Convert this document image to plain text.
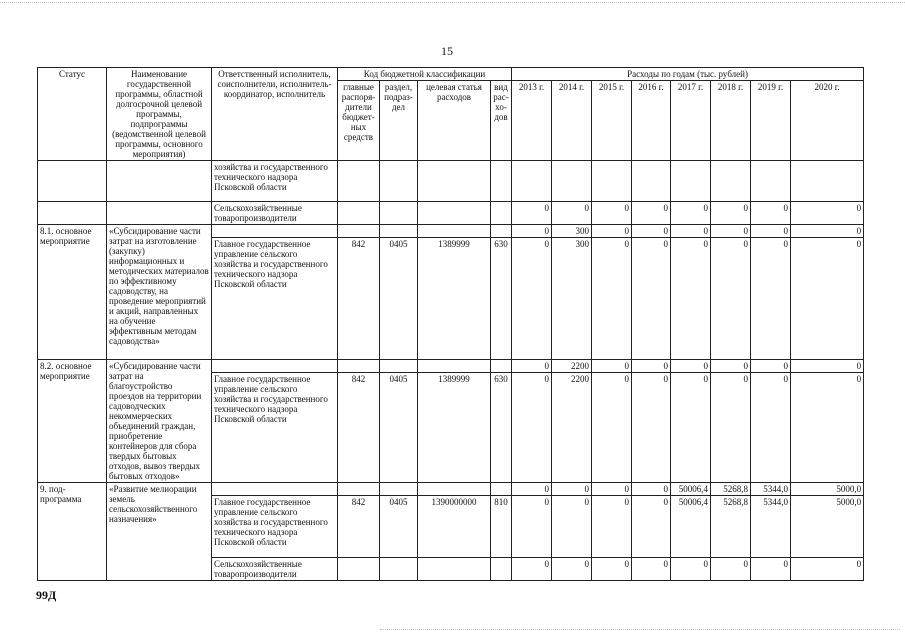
15
Статус	Наименование государственной программы, областной долгосрочной целевой программы, подпрограммы (ведомственной целевой программы, основного мероприятия)	Ответственный исполнитель, соисполнители, исполнитель-координатор, исполнитель	Код бюджетной классификации				Расходы по годам (тыс. рублей)							
			главные распоря-дители бюджет-ных средств	раздел, подраз-дел	целевая статья расходов	вид рас-хо-дов	2013 г.	2014 г.	2015 г.	2016 г.	2017 г.	2018 г.	2019 г.	2020 г.
		хозяйства и государственного технического надзора Псковской области												
		Сельскохозяйственные товаропроизводители					0	0	0	0	0	0	0	0
8.1. основное мероприятие	«Субсидирование части затрат на изготовление (закупку) информационных и методических материалов по эффективному садоводству, на проведение мероприятий и акций, направленных на обучение эффективным методам садоводства»						0	300	0	0	0	0	0	0
		Главное государственное управление сельского хозяйства и государственного технического надзора Псковской области	842	0405	1389999	630	0	300	0	0	0	0	0	0
8.2. основное мероприятие	«Субсидирование части затрат на благоустройство проездов на территории садоводческих некоммерческих объединений граждан, приобретение контейнеров для сбора твердых бытовых отходов, вывоз твердых бытовых отходов»						0	2200	0	0	0	0	0	0
		Главное государственное управление сельского хозяйства и государственного технического надзора Псковской области	842	0405	1389999	630	0	2200	0	0	0	0	0	0
9. под-программа	«Развитие мелиорации земель сельскохозяйственного назначения»						0	0	0	0	50006,4	5268,8	5344,0	5000,0
		Главное государственное управление сельского хозяйства и государственного технического надзора Псковской области	842	0405	1390000000	810	0	0	0	0	50006,4	5268,8	5344,0	5000,0
		Сельскохозяйственные товаропроизводители					0	0	0	0	0	0	0	0
99Д
